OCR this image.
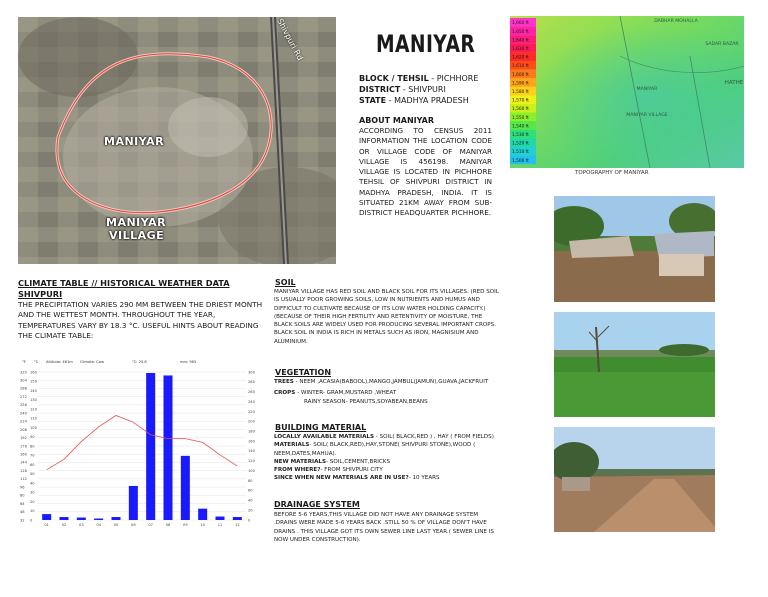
MANIYAR
MANIYAR
VILLAGE
Shivpuri Rd	MANIYAR
BLOCK / TEHSIL - PICHHORE
DISTRICT - SHIVPURI
STATE - MADHYA PRADESH
ABOUT MANIYAR
ACCORDING TO CENSUS 2011 INFORMATION THE LOCATION CODE OR VILLAGE CODE OF MANIYAR VILLAGE IS 456198. MANIYAR VILLAGE IS LOCATED IN PICHHORE TEHSIL OF SHIVPURI DISTRICT IN MADHYA PRADESH, INDIA. IT IS SITUATED 21KM AWAY FROM SUB-DISTRICT HEADQUARTER PICHHORE.
1,660 ft
1,650 ft
1,640 ft
1,630 ft
1,620 ft
1,610 ft
1,600 ft
1,590 ft
1,580 ft
1,570 ft
1,560 ft
1,550 ft
1,540 ft
1,530 ft
1,520 ft
1,510 ft
1,500 ft
DABHAR MOHALLA
SADAR BAZAR
HATHE
MANIYAR
MANIYAR VILLAGE
TOPOGRAPHY OF MANIYAR
CLIMATE TABLE // HISTORICAL WEATHER DATA SHIVPURI
THE PRECIPITATION VARIES 290 MM BETWEEN THE DRIEST MONTH AND THE WETTEST MONTH. THROUGHOUT THE YEAR, TEMPERATURES VARY BY 18.3 °C. USEFUL HINTS ABOUT READING THE CLIMATE TABLE:
°F °C Altitude: 461m Climate: Cwa	°C: 25.8	mm: 963
320
304
288
272
256
240
224
208
192
176
160
144
128
112
96
80
64
48
32
160
150
140
130
120
110
100
90
80
70
60
50
40
30
20
10
0
300
280
260
240
220
200
180
160
140
120
100
80
60
40
20
0
01	02	03	04	05	06	07	08	09	10	11	12
SOIL
MANIYAR VILLAGE HAS RED SOIL AND BLACK SOIL FOR ITS VILLAGES. (RED SOIL IS USUALLY POOR GROWING SOILS, LOW IN NUTRIENTS AND HUMUS AND DIFFICULT TO CULTIVATE BECAUSE OF ITS LOW WATER HOLDING CAPACITY.) (BECAUSE OF THEIR HIGH FERTILITY AND RETENTIVITY OF MOISTURE, THE BLACK SOILS ARE WIDELY USED FOR PRODUCING SEVERAL IMPORTANT CROPS. BLACK SOIL IN INDIA IS RICH IN METALS SUCH AS IRON, MAGNISIUM AND ALUMINIUM.
VEGETATION
TREES - NEEM ,ACASIA(BABOOL),MANGO,JAMBUL(JAMUN),GUAVA,JACKFRUIT
CROPS - WINTER- GRAM,MUSTARD ,WHEAT
RAINY SEASON- PEANUTS,SOYABEAN,BEANS
BUILDING MATERIAL
LOCALLY AVAILABLE MATERIALS - SOIL( BLACK,RED ) , HAY ( FROM FIELDS)
MATERIALS- SOIL( BLACK,RED),HAY,STONE( SHIVPURI STONE),WOOD ( NEEM,DATES,MAHUA).
NEW MATERIALS- SOIL,CEMENT,BRICKS
FROM WHERE?- FROM SHIVPURI CITY
SINCE WHEN NEW MATERIALS ARE IN USE?- 10 YEARS
DRAINAGE SYSTEM
BEFORE 5-6 YEARS,THIS VILLAGE DID NOT HAVE ANY DRAINAGE SYSTEM .DRAINS WERE MADE 5-6 YEARS BACK .STILL 50 % OF VILLAGE DON'T HAVE DRAINS . THIS VILLAGE GOT ITS OWN SEWER LINE LAST YEAR.( SEWER LINE IS NOW UNDER CONSTRUCTION).
